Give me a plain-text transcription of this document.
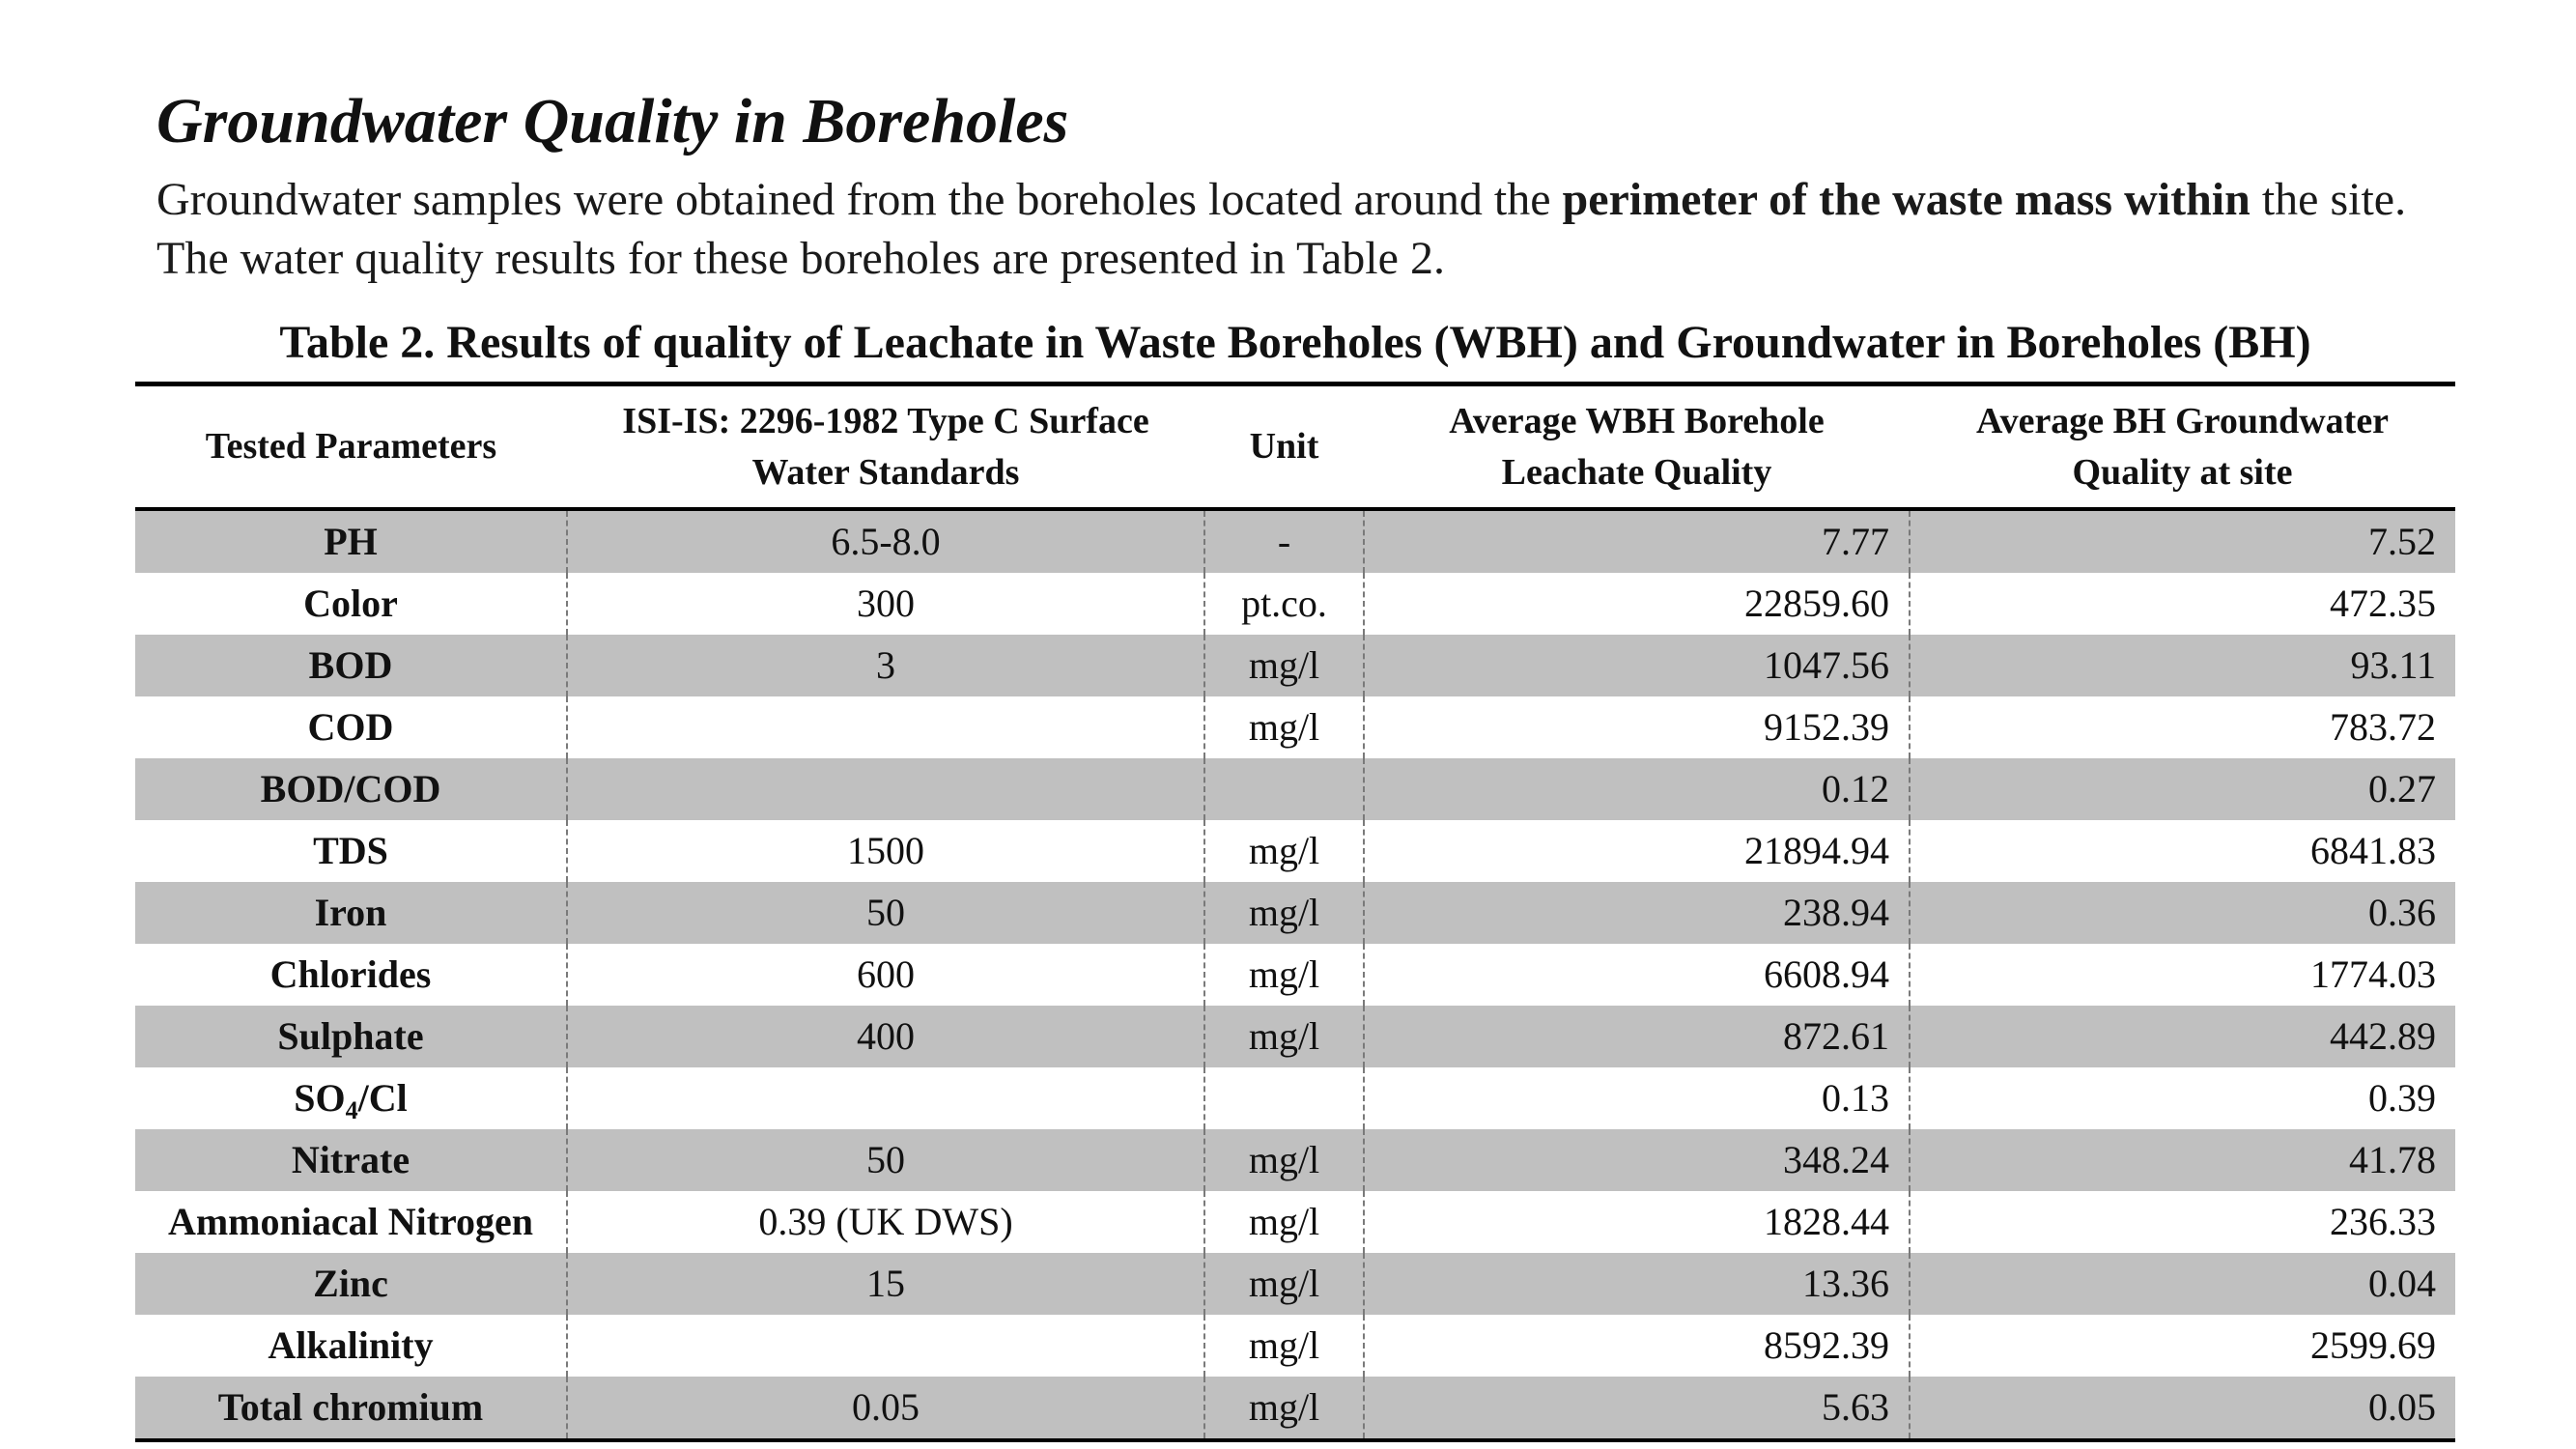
Groundwater Quality in Boreholes

Groundwater samples were obtained from the boreholes located around the perimeter of the waste mass within the site. The water quality results for these boreholes are presented in Table 2.

Table 2. Results of quality of Leachate in Waste Boreholes (WBH) and Groundwater in Boreholes (BH)

Tested Parameters	ISI-IS: 2296-1982 Type C Surface Water Standards	Unit	Average WBH Borehole Leachate Quality	Average BH Groundwater Quality at site
PH	6.5-8.0	-	7.77	7.52
Color	300	pt.co.	22859.60	472.35
BOD	3	mg/l	1047.56	93.11
COD		mg/l	9152.39	783.72
BOD/COD			0.12	0.27
TDS	1500	mg/l	21894.94	6841.83
Iron	50	mg/l	238.94	0.36
Chlorides	600	mg/l	6608.94	1774.03
Sulphate	400	mg/l	872.61	442.89
$SO_4/Cl$			0.13	0.39
Nitrate	50	mg/l	348.24	41.78
Ammoniacal Nitrogen	0.39 (UK DWS)	mg/l	1828.44	236.33
Zinc	15	mg/l	13.36	0.04
Alkalinity		mg/l	8592.39	2599.69
Total chromium	0.05	mg/l	5.63	0.05
